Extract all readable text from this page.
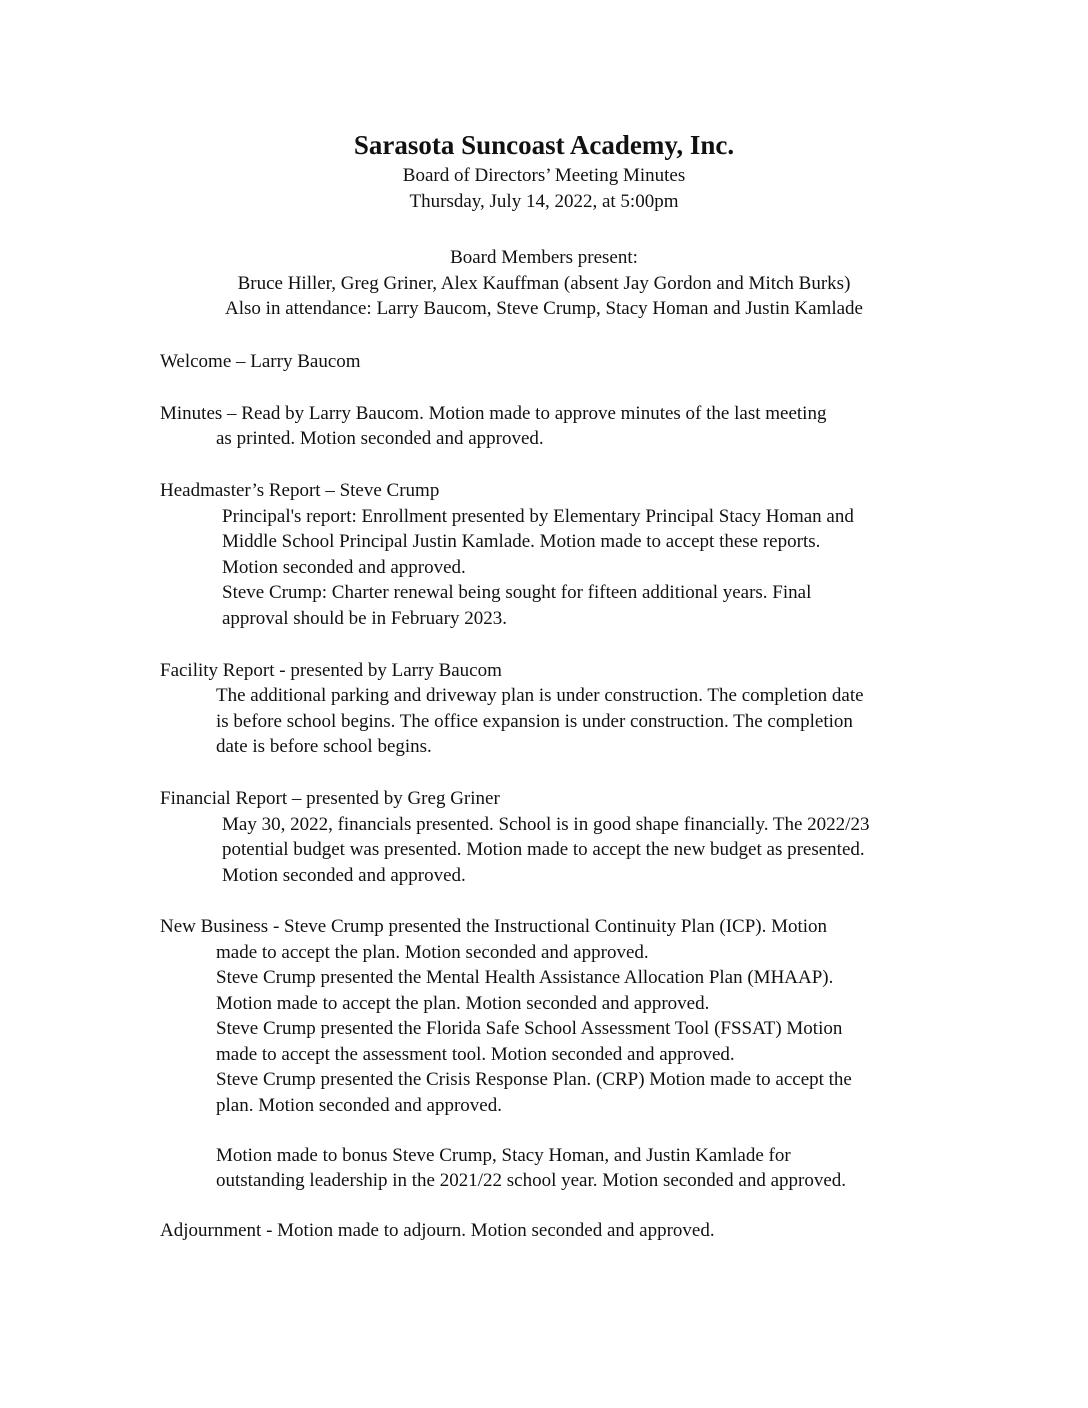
Sarasota Suncoast Academy, Inc.
Board of Directors’ Meeting Minutes
Thursday, July 14, 2022, at 5:00pm
Board Members present:
Bruce Hiller, Greg Griner, Alex Kauffman (absent Jay Gordon and Mitch Burks)
Also in attendance: Larry Baucom, Steve Crump, Stacy Homan and Justin Kamlade
Welcome – Larry Baucom
Minutes – Read by Larry Baucom. Motion made to approve minutes of the last meeting
as printed. Motion seconded and approved.
Headmaster’s Report – Steve Crump
Principal's report: Enrollment presented by Elementary Principal Stacy Homan and
Middle School Principal Justin Kamlade. Motion made to accept these reports.
Motion seconded and approved.
Steve Crump: Charter renewal being sought for fifteen additional years. Final
approval should be in February 2023.
Facility Report - presented by Larry Baucom
The additional parking and driveway plan is under construction. The completion date
is before school begins. The office expansion is under construction. The completion
date is before school begins.
Financial Report – presented by Greg Griner
May 30, 2022, financials presented. School is in good shape financially. The 2022/23
potential budget was presented. Motion made to accept the new budget as presented.
Motion seconded and approved.
New Business - Steve Crump presented the Instructional Continuity Plan (ICP). Motion
made to accept the plan. Motion seconded and approved.
Steve Crump presented the Mental Health Assistance Allocation Plan (MHAAP).
Motion made to accept the plan. Motion seconded and approved.
Steve Crump presented the Florida Safe School Assessment Tool (FSSAT) Motion
made to accept the assessment tool. Motion seconded and approved.
Steve Crump presented the Crisis Response Plan. (CRP) Motion made to accept the
plan. Motion seconded and approved.
Motion made to bonus Steve Crump, Stacy Homan, and Justin Kamlade for
outstanding leadership in the 2021/22 school year. Motion seconded and approved.
Adjournment - Motion made to adjourn. Motion seconded and approved.
